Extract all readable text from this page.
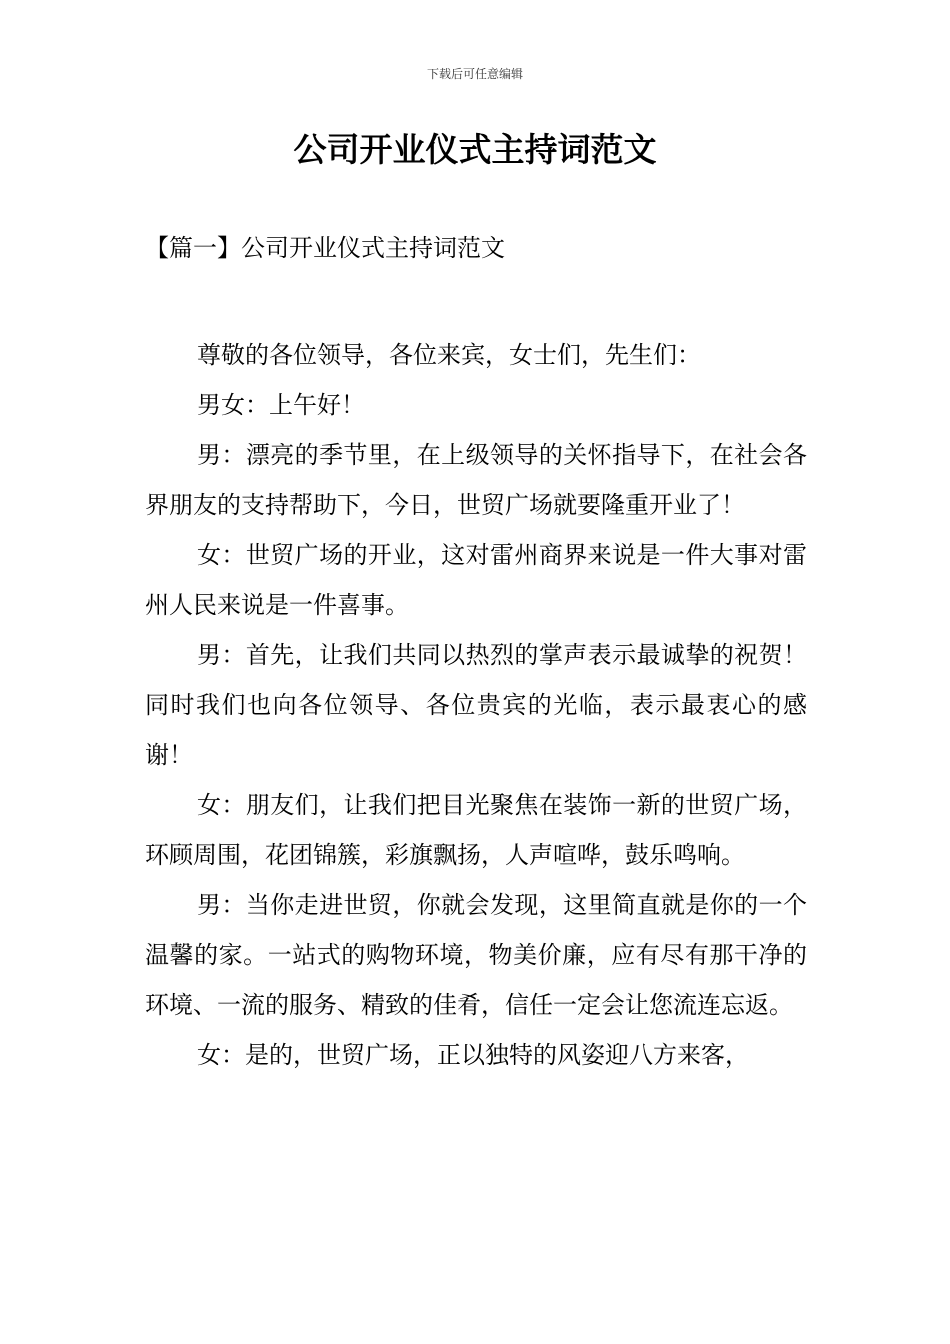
下载后可任意编辑
公司开业仪式主持词范文
【篇一】公司开业仪式主持词范文

尊敬的各位领导，各位来宾，女士们，先生们：

男女：上午好！

男：漂亮的季节里，在上级领导的关怀指导下，在社会各界朋友的支持帮助下，今日，世贸广场就要隆重开业了！

女：世贸广场的开业，这对雷州商界来说是一件大事对雷州人民来说是一件喜事。

男：首先，让我们共同以热烈的掌声表示最诚挚的祝贺！同时我们也向各位领导、各位贵宾的光临，表示最衷心的感谢！

女：朋友们，让我们把目光聚焦在装饰一新的世贸广场，环顾周围，花团锦簇，彩旗飘扬，人声喧哗，鼓乐鸣响。

男：当你走进世贸，你就会发现，这里简直就是你的一个温馨的家。一站式的购物环境，物美价廉，应有尽有那干净的环境、一流的服务、精致的佳肴，信任一定会让您流连忘返。

女：是的，世贸广场，正以独特的风姿迎八方来客，
